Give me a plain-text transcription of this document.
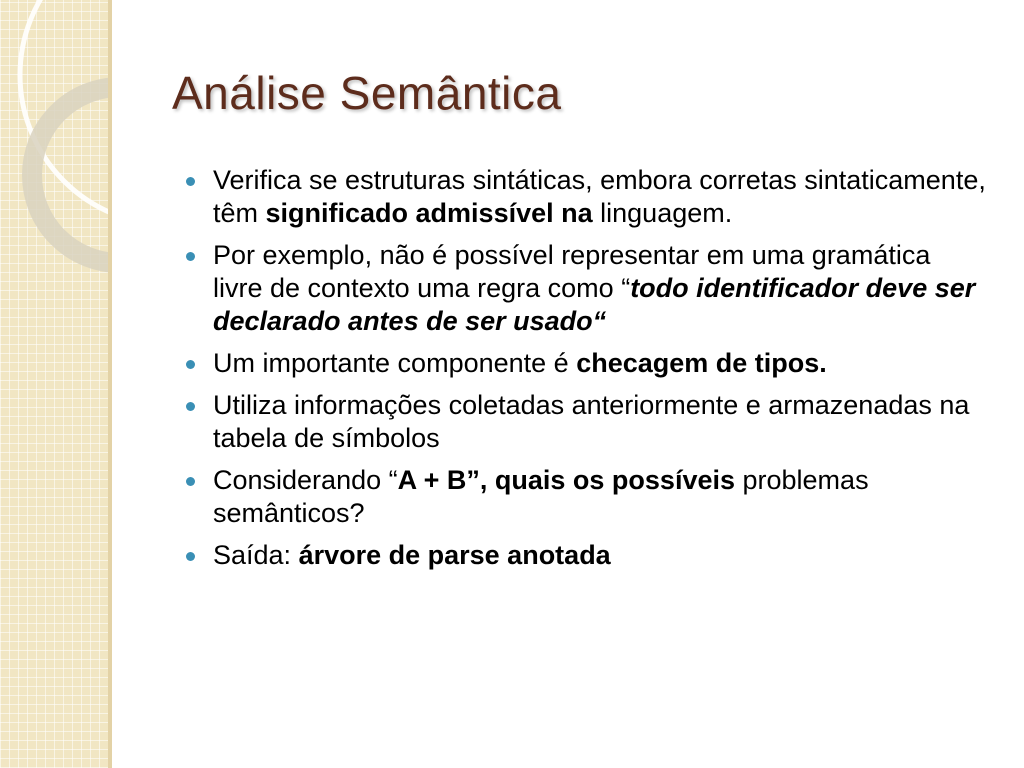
Análise Semântica
Verifica se estruturas sintáticas, embora corretas sintaticamente, têm significado admissível na linguagem.
Por exemplo, não é possível representar em uma gramática livre de contexto uma regra como “todo identificador deve ser declarado antes de ser usado“
Um importante componente é checagem de tipos.
Utiliza informações coletadas anteriormente e armazenadas na tabela de símbolos
Considerando “A + B”, quais os possíveis problemas semânticos?
Saída: árvore de parse anotada
